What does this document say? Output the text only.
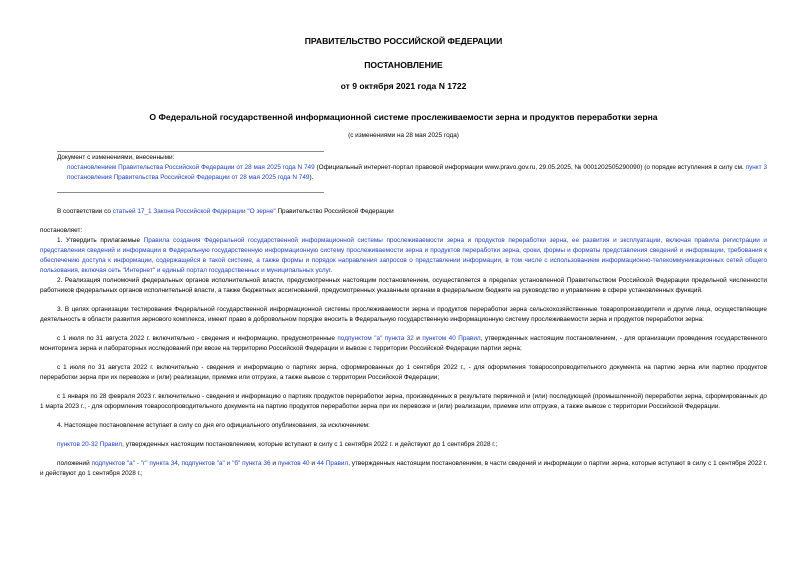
ПРАВИТЕЛЬСТВО РОССИЙСКОЙ ФЕДЕРАЦИИ
ПОСТАНОВЛЕНИЕ
от 9 октября 2021 года N 1722
О Федеральной государственной информационной системе прослеживаемости зерна и продуктов переработки зерна
(с изменениями на 28 мая 2025 года)
Документ с изменениями, внесенными:
постановлением Правительства Российской Федерации от 28 мая 2025 года N 749 (Официальный интернет-портал правовой информации www.pravo.gov.ru, 29.05.2025, № 0001202505290090) (о порядке вступления в силу см. пункт 3 постановления Правительства Российской Федерации от 28 мая 2025 года N 749).

В соответствии со статьей 17_1 Закона Российской Федерации "О зерне" Правительство Российской Федерации

постановляет:

1. Утвердить прилагаемые Правила создания Федеральной государственной информационной системы прослеживаемости зерна и продуктов переработки зерна, ее развития и эксплуатации, включая правила регистрации и представления сведений и информации в Федеральную государственную информационную систему прослеживаемости зерна и продуктов переработки зерна, сроки, формы и форматы представления сведений и информации, требования к обеспечению доступа к информации, содержащейся в такой системе, а также формы и порядок направления запросов о представлении информации, в том числе с использованием информационно-телекоммуникационных сетей общего пользования, включая сеть "Интернет" и единый портал государственных и муниципальных услуг.

2. Реализация полномочий федеральных органов исполнительной власти, предусмотренных настоящим постановлением, осуществляется в пределах установленной Правительством Российской Федерации предельной численности работников федеральных органов исполнительной власти, а также бюджетных ассигнований, предусмотренных указанным органам в федеральном бюджете на руководство и управление в сфере установленных функций.

3. В целях организации тестирования Федеральной государственной информационной системы прослеживаемости зерна и продуктов переработки зерна сельскохозяйственные товаропроизводители и другие лица, осуществляющие деятельность в области развития зернового комплекса, имеют право в добровольном порядке вносить в Федеральную государственную информационную систему прослеживаемости зерна и продуктов переработки зерна:

с 1 июля по 31 августа 2022 г. включительно - сведения и информацию, предусмотренные подпунктом "а" пункта 32 и пунктом 40 Правил, утвержденных настоящим постановлением, - для организации проведения государственного мониторинга зерна и лабораторных исследований при ввозе на территорию Российской Федерации и вывозе с территории Российской Федерации партии зерна;

с 1 июля по 31 августа 2022 г. включительно - сведения и информацию о партиях зерна, сформированных до 1 сентября 2022 г., - для оформления товаросопроводительного документа на партию зерна или партию продуктов переработки зерна при их перевозке и (или) реализации, приемке или отгрузке, а также вывозе с территории Российской Федерации;

с 1 января по 28 февраля 2023 г. включительно - сведения и информацию о партиях продуктов переработки зерна, произведенных в результате первичной и (или) последующей (промышленной) переработки зерна, сформированных до 1 марта 2023 г., - для оформления товаросопроводительного документа на партию продуктов переработки зерна при их перевозке и (или) реализации, приемке или отгрузке, а также вывозе с территории Российской Федерации.

4. Настоящее постановление вступает в силу со дня его официального опубликования, за исключением:

пунктов 20-32 Правил, утвержденных настоящим постановлением, которые вступают в силу с 1 сентября 2022 г. и действуют до 1 сентября 2028 г.;

положений подпунктов "а" - "г" пункта 34, подпунктов "а" и "б" пункта 36 и пунктов 40 и 44 Правил, утвержденных настоящим постановлением, в части сведений и информации о партии зерна, которые вступают в силу с 1 сентября 2022 г. и действуют до 1 сентября 2028 г.;
